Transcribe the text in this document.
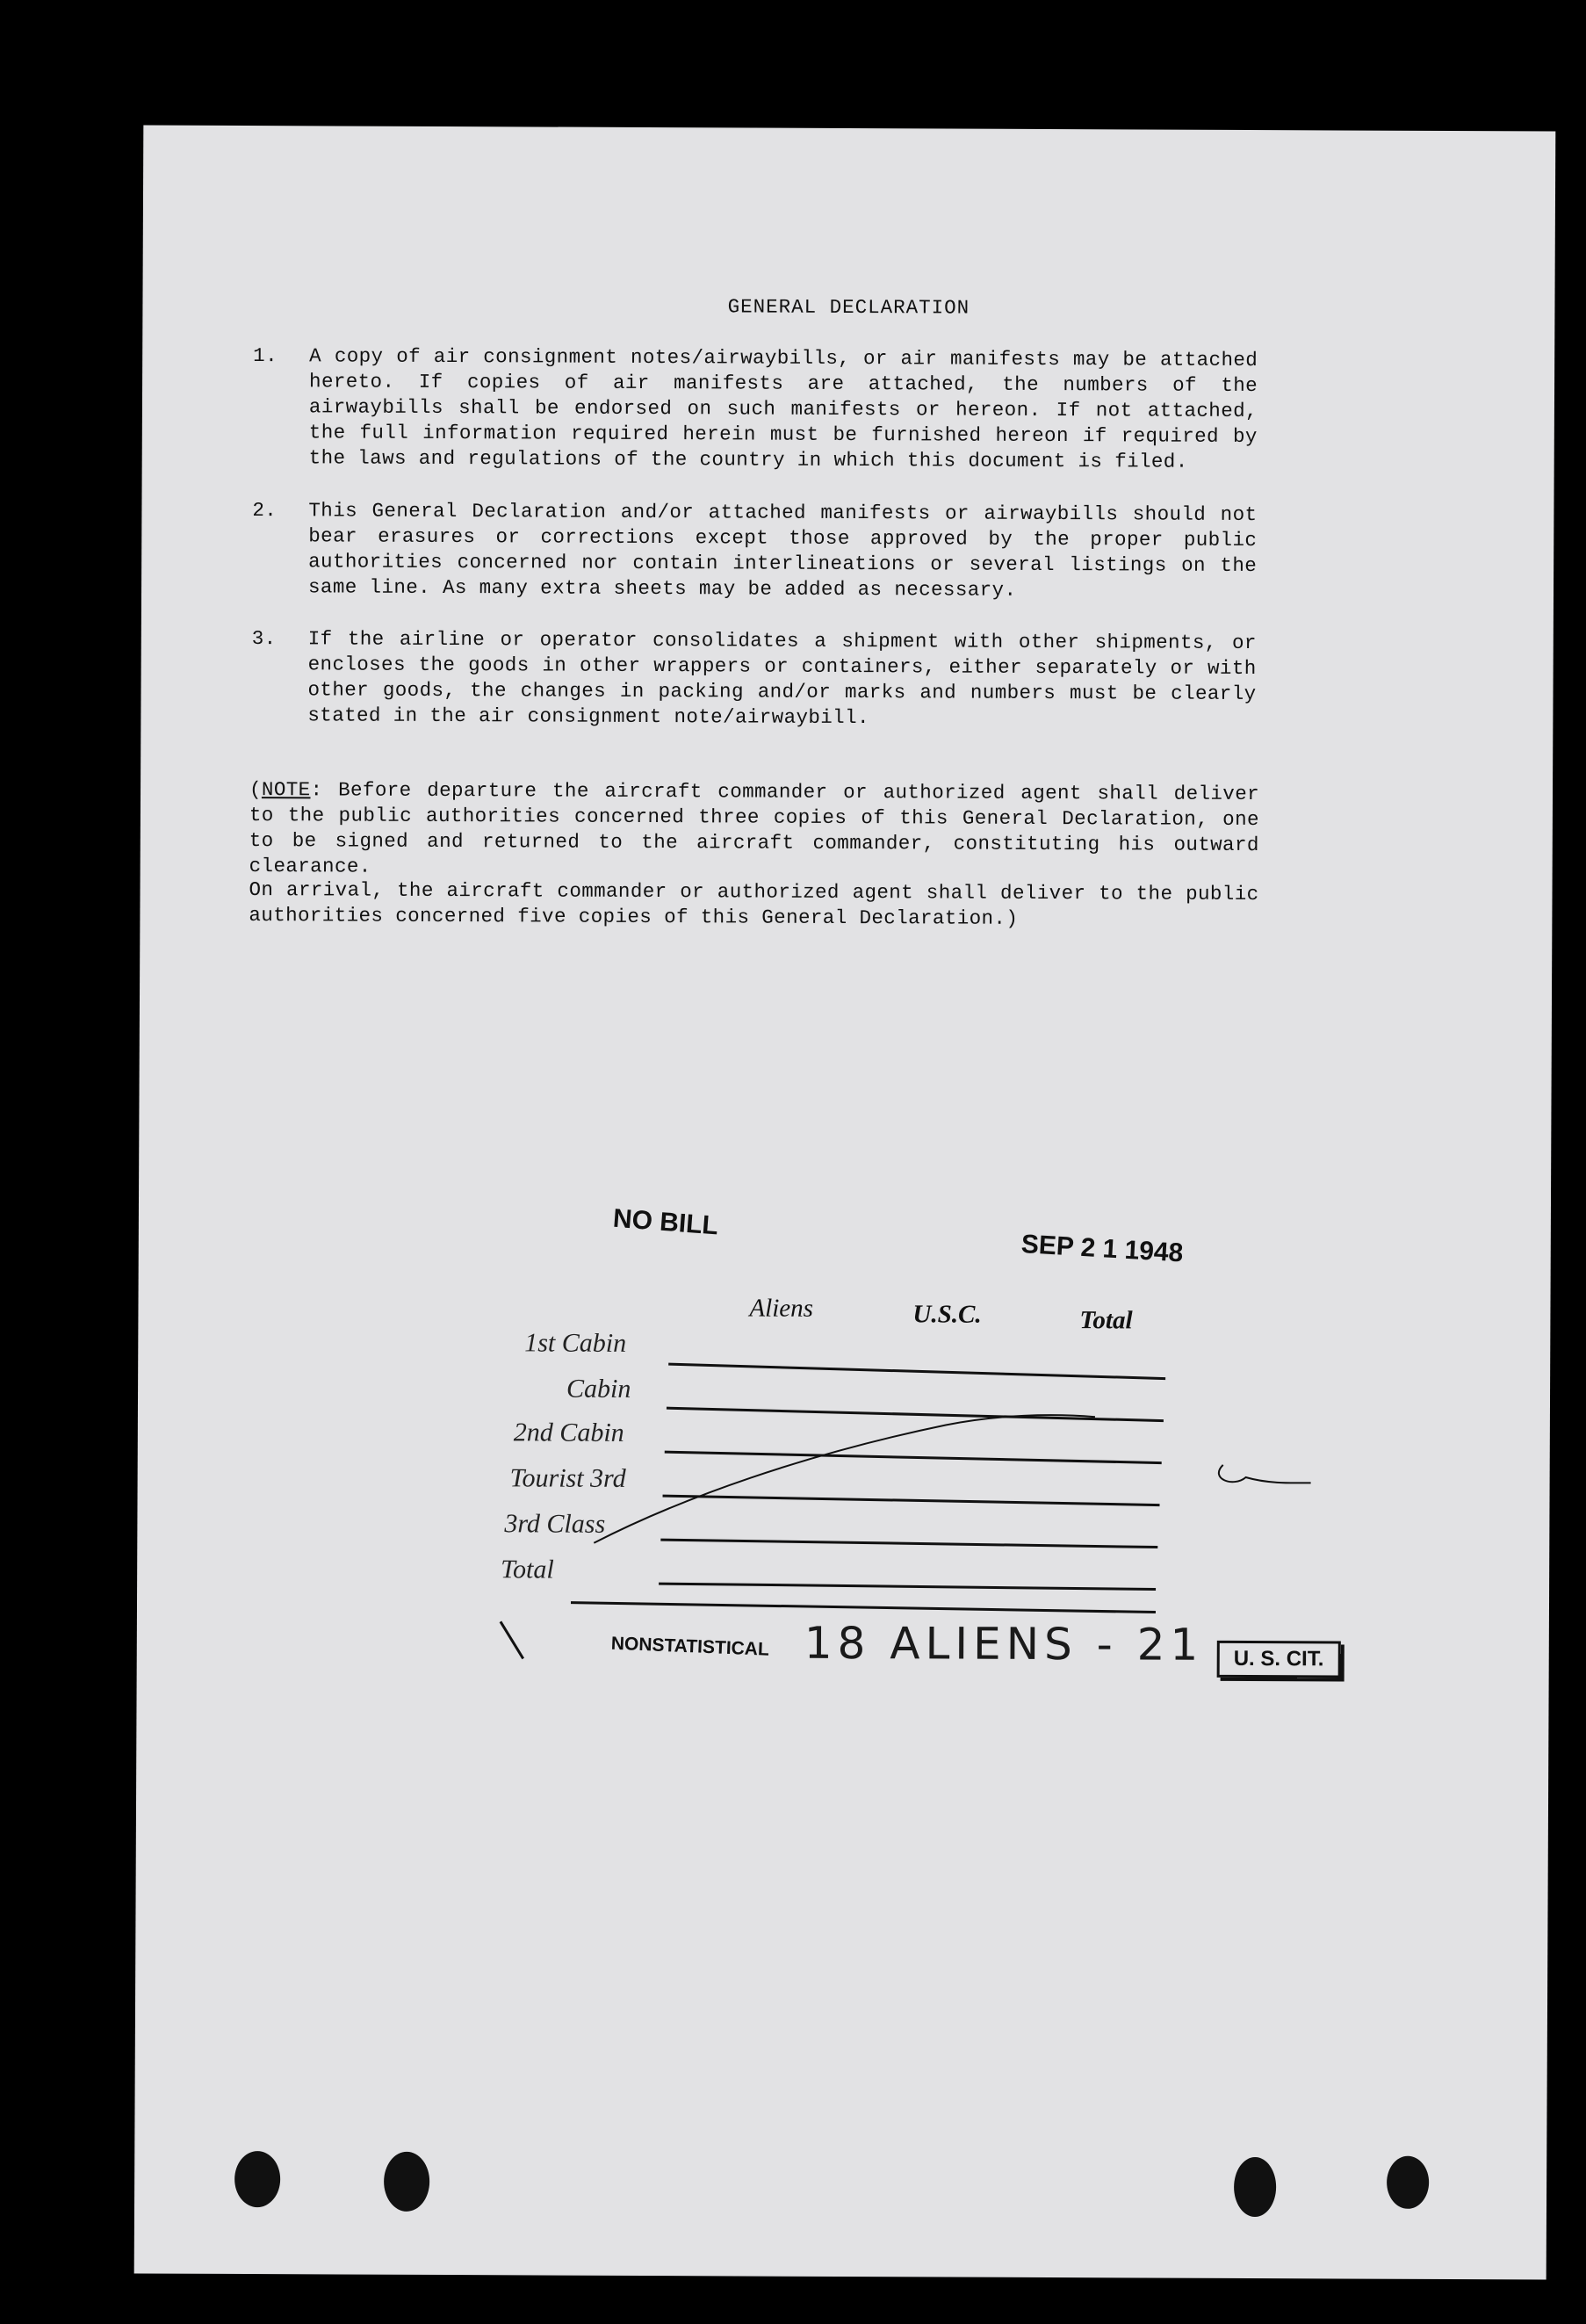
GENERAL DECLARATION
1. A copy of air consignment notes/airwaybills, or air manifests may be attached hereto. If copies of air manifests are attached, the numbers of the airwaybills shall be endorsed on such manifests or hereon. If not attached, the full information required herein must be furnished hereon if required by the laws and regulations of the country in which this document is filed.
2. This General Declaration and/or attached manifests or airwaybills should not bear erasures or corrections except those approved by the proper public authorities concerned nor contain interlineations or several listings on the same line. As many extra sheets may be added as necessary.
3. If the airline or operator consolidates a shipment with other shipments, or encloses the goods in other wrappers or containers, either separately or with other goods, the changes in packing and/or marks and numbers must be clearly stated in the air consignment note/airwaybill.
(NOTE: Before departure the aircraft commander or authorized agent shall deliver to the public authorities concerned three copies of this General Declaration, one to be signed and returned to the aircraft commander, constituting his outward clearance.
On arrival, the aircraft commander or authorized agent shall deliver to the public authorities concerned five copies of this General Declaration.)
NO BILL
SEP 2 1 1948
Aliens	U.S.C.	Total
1st Cabin
Cabin
2nd Cabin
Tourist 3rd
3rd Class
Total
NONSTATISTICAL 18 ALIENS - 21	U. S. CIT.
